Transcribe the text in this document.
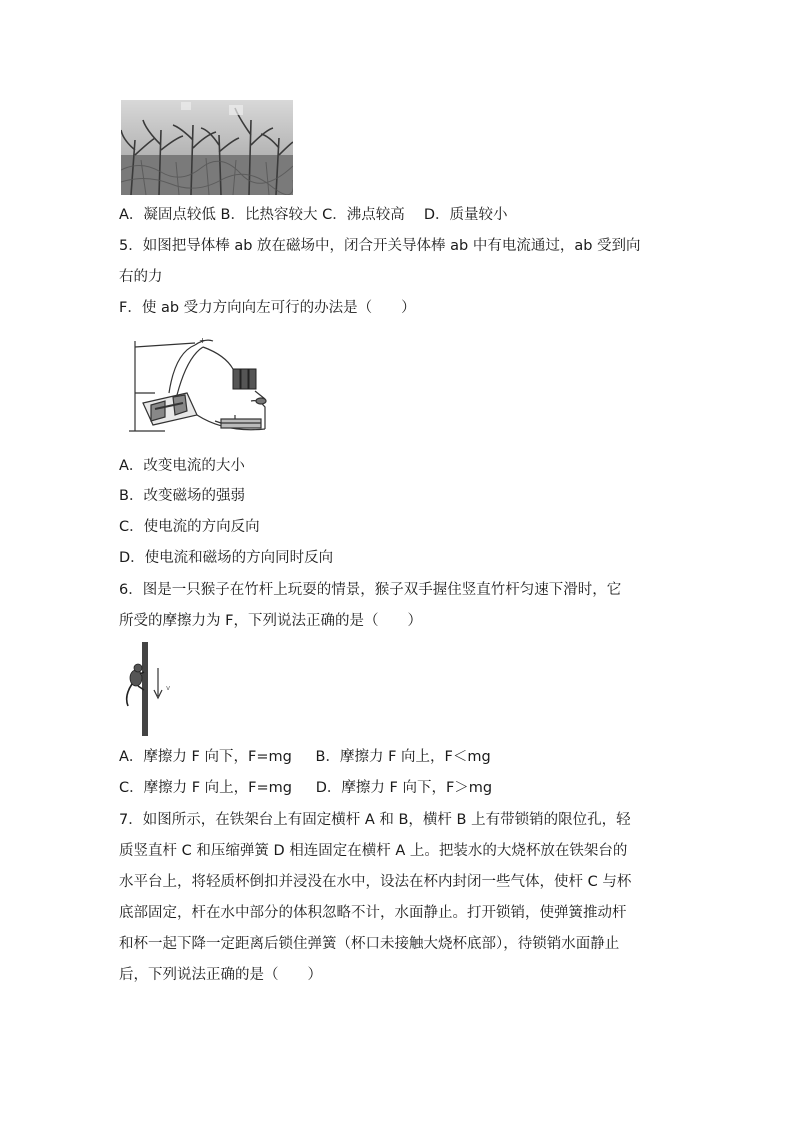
A．凝固点较低 B．比热容较大 C．沸点较高 　D．质量较小
5．如图把导体棒 ab 放在磁场中，闭合开关导体棒 ab 中有电流通过，ab 受到向
右的力
F．使 ab 受力方向向左可行的办法是（　　）
+
A．改变电流的大小
B．改变磁场的强弱
C．使电流的方向反向
D．使电流和磁场的方向同时反向
6．图是一只猴子在竹杆上玩耍的情景，猴子双手握住竖直竹杆匀速下滑时，它
所受的摩擦力为 F，下列说法正确的是（　　）
v
A．摩擦力 F 向下，F=mg 　 B．摩擦力 F 向上，F＜mg
C．摩擦力 F 向上，F=mg 　 D．摩擦力 F 向下，F＞mg
7．如图所示，在铁架台上有固定横杆 A 和 B，横杆 B 上有带锁销的限位孔，轻
质竖直杆 C 和压缩弹簧 D 相连固定在横杆 A 上。把装水的大烧杯放在铁架台的
水平台上，将轻质杯倒扣并浸没在水中，设法在杯内封闭一些气体，使杆 C 与杯
底部固定，杆在水中部分的体积忽略不计，水面静止。打开锁销，使弹簧推动杆
和杯一起下降一定距离后锁住弹簧（杯口未接触大烧杯底部），待锁销水面静止
后，下列说法正确的是（　　）
